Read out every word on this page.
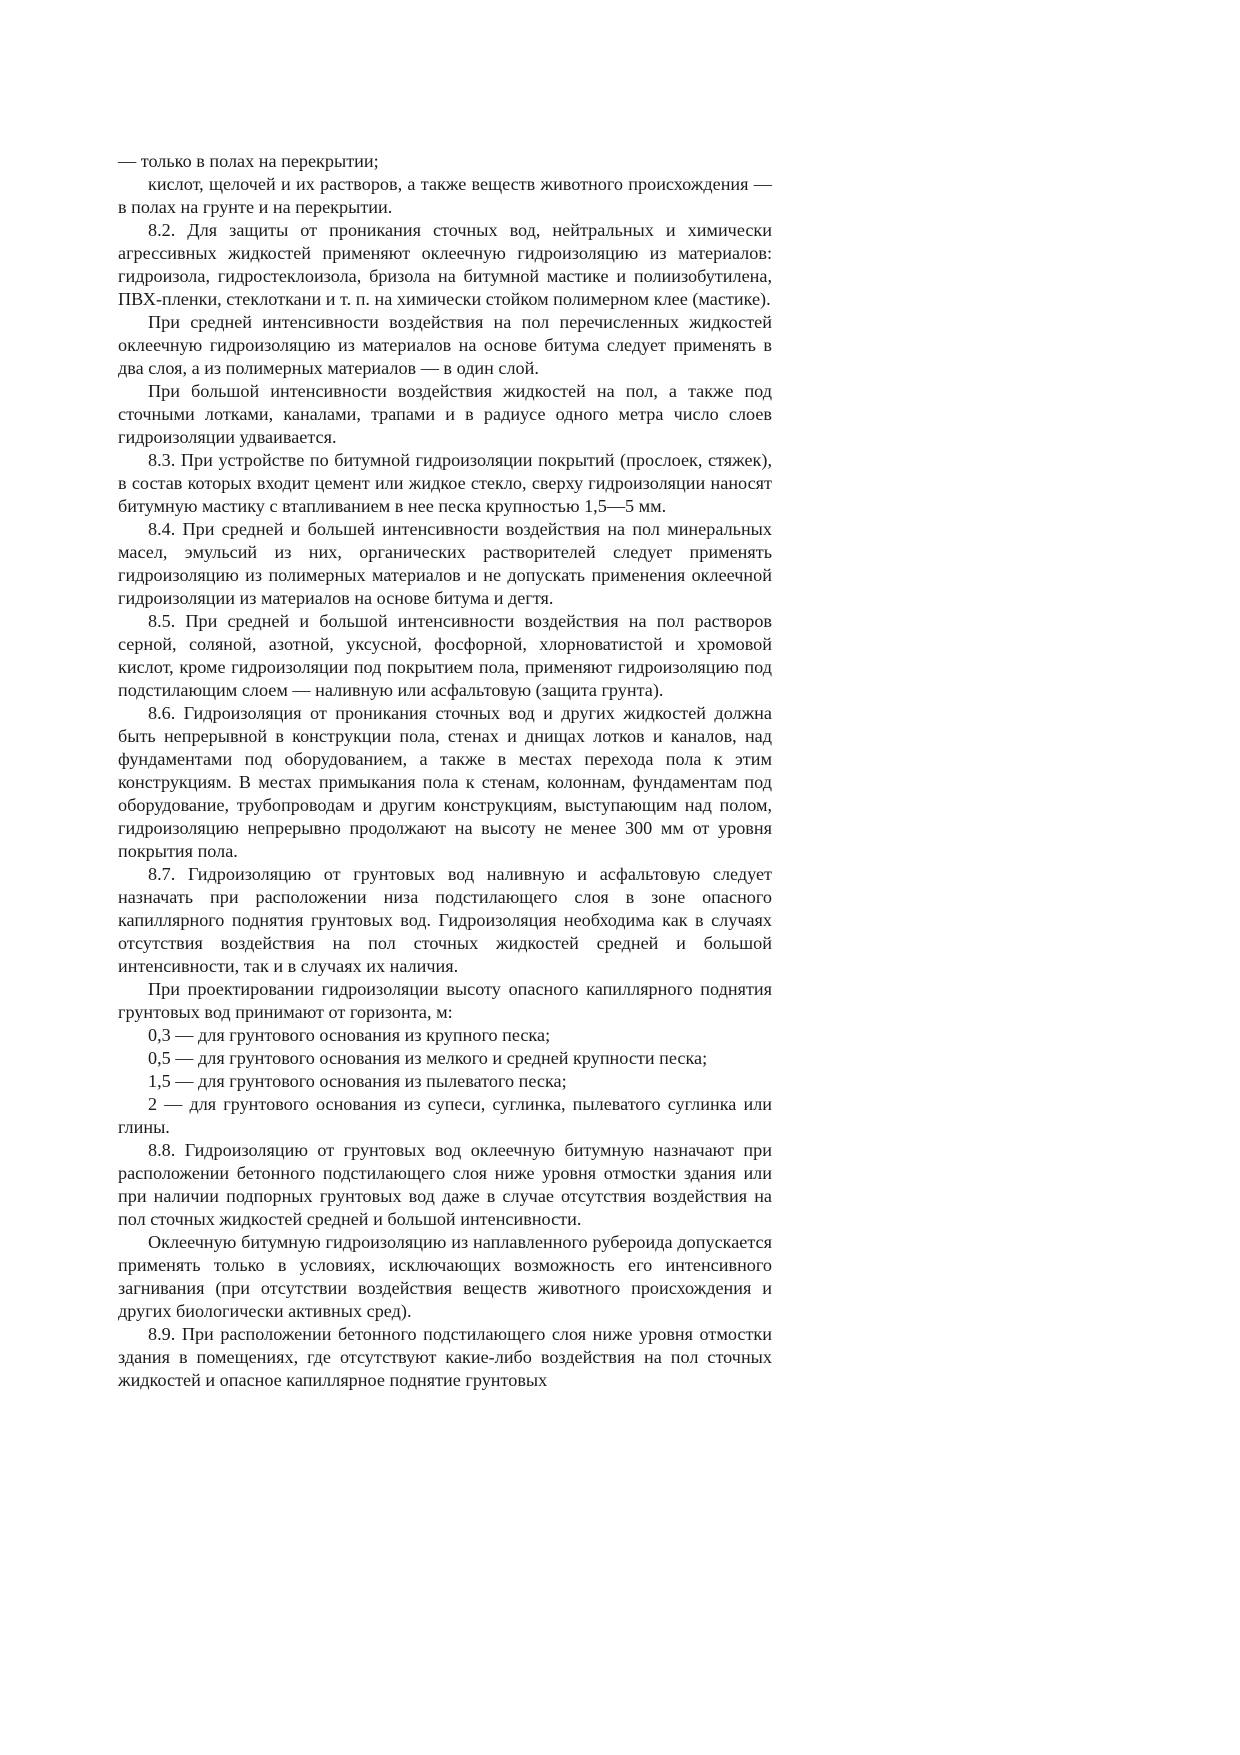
— только в полах на перекрытии;

кислот, щелочей и их растворов, а также веществ животного происхождения — в полах на грунте и на перекрытии.

8.2. Для защиты от проникания сточных вод, нейтральных и химически агрессивных жидкостей применяют оклеечную гидроизоляцию из материалов: гидроизола, гидростеклоизола, бризола на битумной мастике и полиизобутилена, ПВХ-пленки, стеклоткани и т. п. на химически стойком полимерном клее (мастике).

При средней интенсивности воздействия на пол перечисленных жидкостей оклеечную гидроизоляцию из материалов на основе битума следует применять в два слоя, а из полимерных материалов — в один слой.

При большой интенсивности воздействия жидкостей на пол, а также под сточными лотками, каналами, трапами и в радиусе одного метра число слоев гидроизоляции удваивается.

8.3. При устройстве по битумной гидроизоляции покрытий (прослоек, стяжек), в состав которых входит цемент или жидкое стекло, сверху гидроизоляции наносят битумную мастику с втапливанием в нее песка крупностью 1,5—5 мм.

8.4. При средней и большей интенсивности воздействия на пол минеральных масел, эмульсий из них, органических растворителей следует применять гидроизоляцию из полимерных материалов и не допускать применения оклеечной гидроизоляции из материалов на основе битума и дегтя.

8.5. При средней и большой интенсивности воздействия на пол растворов серной, соляной, азотной, уксусной, фосфорной, хлорноватистой и хромовой кислот, кроме гидроизоляции под покрытием пола, применяют гидроизоляцию под подстилающим слоем — наливную или асфальтовую (защита грунта).

8.6. Гидроизоляция от проникания сточных вод и других жидкостей должна быть непрерывной в конструкции пола, стенах и днищах лотков и каналов, над фундаментами под оборудованием, а также в местах перехода пола к этим конструкциям. В местах примыкания пола к стенам, колоннам, фундаментам под оборудование, трубопроводам и другим конструкциям, выступающим над полом, гидроизоляцию непрерывно продолжают на высоту не менее 300 мм от уровня покрытия пола.

8.7. Гидроизоляцию от грунтовых вод наливную и асфальтовую следует назначать при расположении низа подстилающего слоя в зоне опасного капиллярного поднятия грунтовых вод. Гидроизоляция необходима как в случаях отсутствия воздействия на пол сточных жидкостей средней и большой интенсивности, так и в случаях их наличия.

При проектировании гидроизоляции высоту опасного капиллярного поднятия грунтовых вод принимают от горизонта, м:

0,3 — для грунтового основания из крупного песка;

0,5 — для грунтового основания из мелкого и средней крупности песка;

1,5 — для грунтового основания из пылеватого песка;

2 — для грунтового основания из супеси, суглинка, пылеватого суглинка или глины.

8.8. Гидроизоляцию от грунтовых вод оклеечную битумную назначают при расположении бетонного подстилающего слоя ниже уровня отмостки здания или при наличии подпорных грунтовых вод даже в случае отсутствия воздействия на пол сточных жидкостей средней и большой интенсивности.

Оклеечную битумную гидроизоляцию из наплавленного рубероида допускается применять только в условиях, исключающих возможность его интенсивного загнивания (при отсутствии воздействия веществ животного происхождения и других биологически активных сред).

8.9. При расположении бетонного подстилающего слоя ниже уровня отмостки здания в помещениях, где отсутствуют какие-либо воздействия на пол сточных жидкостей и опасное капиллярное поднятие грунтовых
